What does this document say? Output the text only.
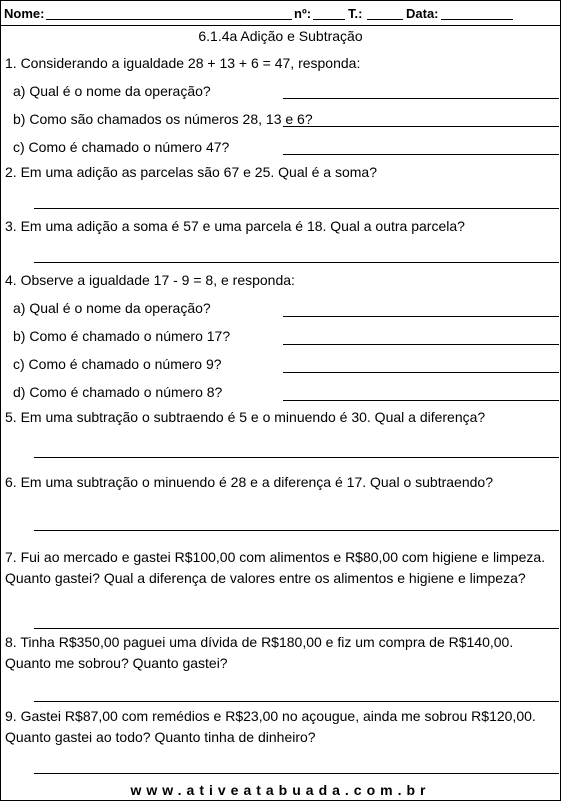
Nome:	nº:	T.:	Data:
6.1.4a Adição e Subtração
1. Considerando a igualdade 28 + 13 + 6 = 47, responda:
a) Qual é o nome da operação?
b) Como são chamados os números 28, 13 e 6?
c) Como é chamado o número 47?
2. Em uma adição as parcelas são 67 e 25. Qual é a soma?
3. Em uma adição a soma é 57 e uma parcela é 18. Qual a outra parcela?
4. Observe a igualdade 17 - 9 = 8, e responda:
a) Qual é o nome da operação?
b) Como é chamado o número 17?
c) Como é chamado o número 9?
d) Como é chamado o número 8?
5. Em uma subtração o subtraendo é 5 e o minuendo é 30. Qual a diferença?
6. Em uma subtração o minuendo é 28 e a diferença é 17. Qual o subtraendo?
7. Fui ao mercado e gastei R$100,00 com alimentos e R$80,00 com higiene e limpeza.
Quanto gastei? Qual a diferença de valores entre os alimentos e higiene e limpeza?
8. Tinha R$350,00 paguei uma dívida de R$180,00 e fiz um compra de R$140,00.
Quanto me sobrou? Quanto gastei?
9. Gastei R$87,00 com remédios e R$23,00 no açougue, ainda me sobrou R$120,00.
Quanto gastei ao todo? Quanto tinha de dinheiro?
www.ativeatabuada.com.br
